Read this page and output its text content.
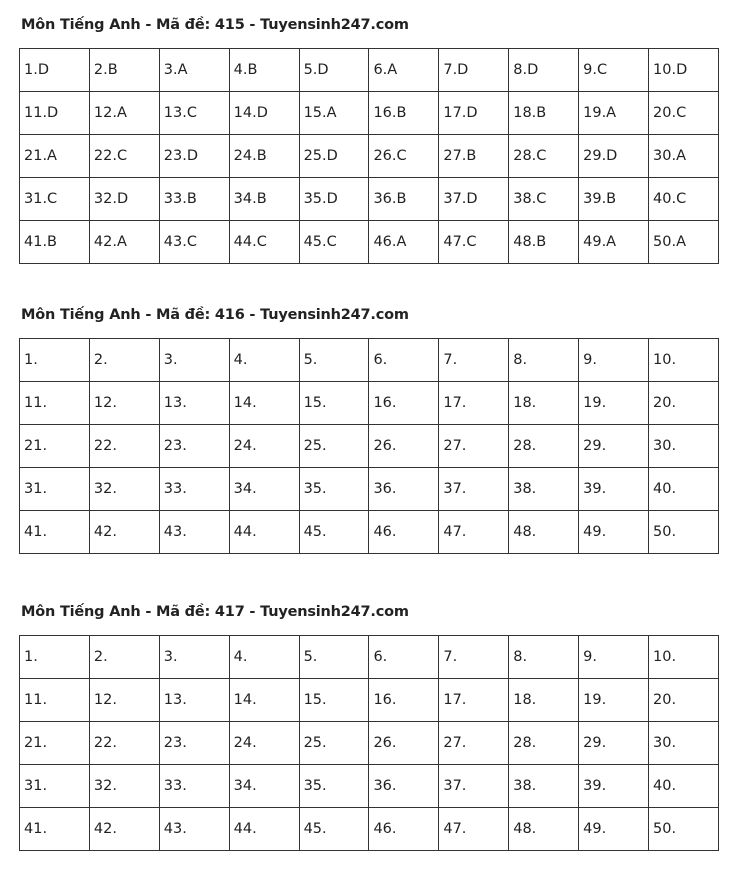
Môn Tiếng Anh - Mã đề: 415 - Tuyensinh247.com
1.D	2.B	3.A	4.B	5.D	6.A	7.D	8.D	9.C	10.D
11.D	12.A	13.C	14.D	15.A	16.B	17.D	18.B	19.A	20.C
21.A	22.C	23.D	24.B	25.D	26.C	27.B	28.C	29.D	30.A
31.C	32.D	33.B	34.B	35.D	36.B	37.D	38.C	39.B	40.C
41.B	42.A	43.C	44.C	45.C	46.A	47.C	48.B	49.A	50.A
Môn Tiếng Anh - Mã đề: 416 - Tuyensinh247.com
1.	2.	3.	4.	5.	6.	7.	8.	9.	10.
11.	12.	13.	14.	15.	16.	17.	18.	19.	20.
21.	22.	23.	24.	25.	26.	27.	28.	29.	30.
31.	32.	33.	34.	35.	36.	37.	38.	39.	40.
41.	42.	43.	44.	45.	46.	47.	48.	49.	50.
Môn Tiếng Anh - Mã đề: 417 - Tuyensinh247.com
1.	2.	3.	4.	5.	6.	7.	8.	9.	10.
11.	12.	13.	14.	15.	16.	17.	18.	19.	20.
21.	22.	23.	24.	25.	26.	27.	28.	29.	30.
31.	32.	33.	34.	35.	36.	37.	38.	39.	40.
41.	42.	43.	44.	45.	46.	47.	48.	49.	50.
